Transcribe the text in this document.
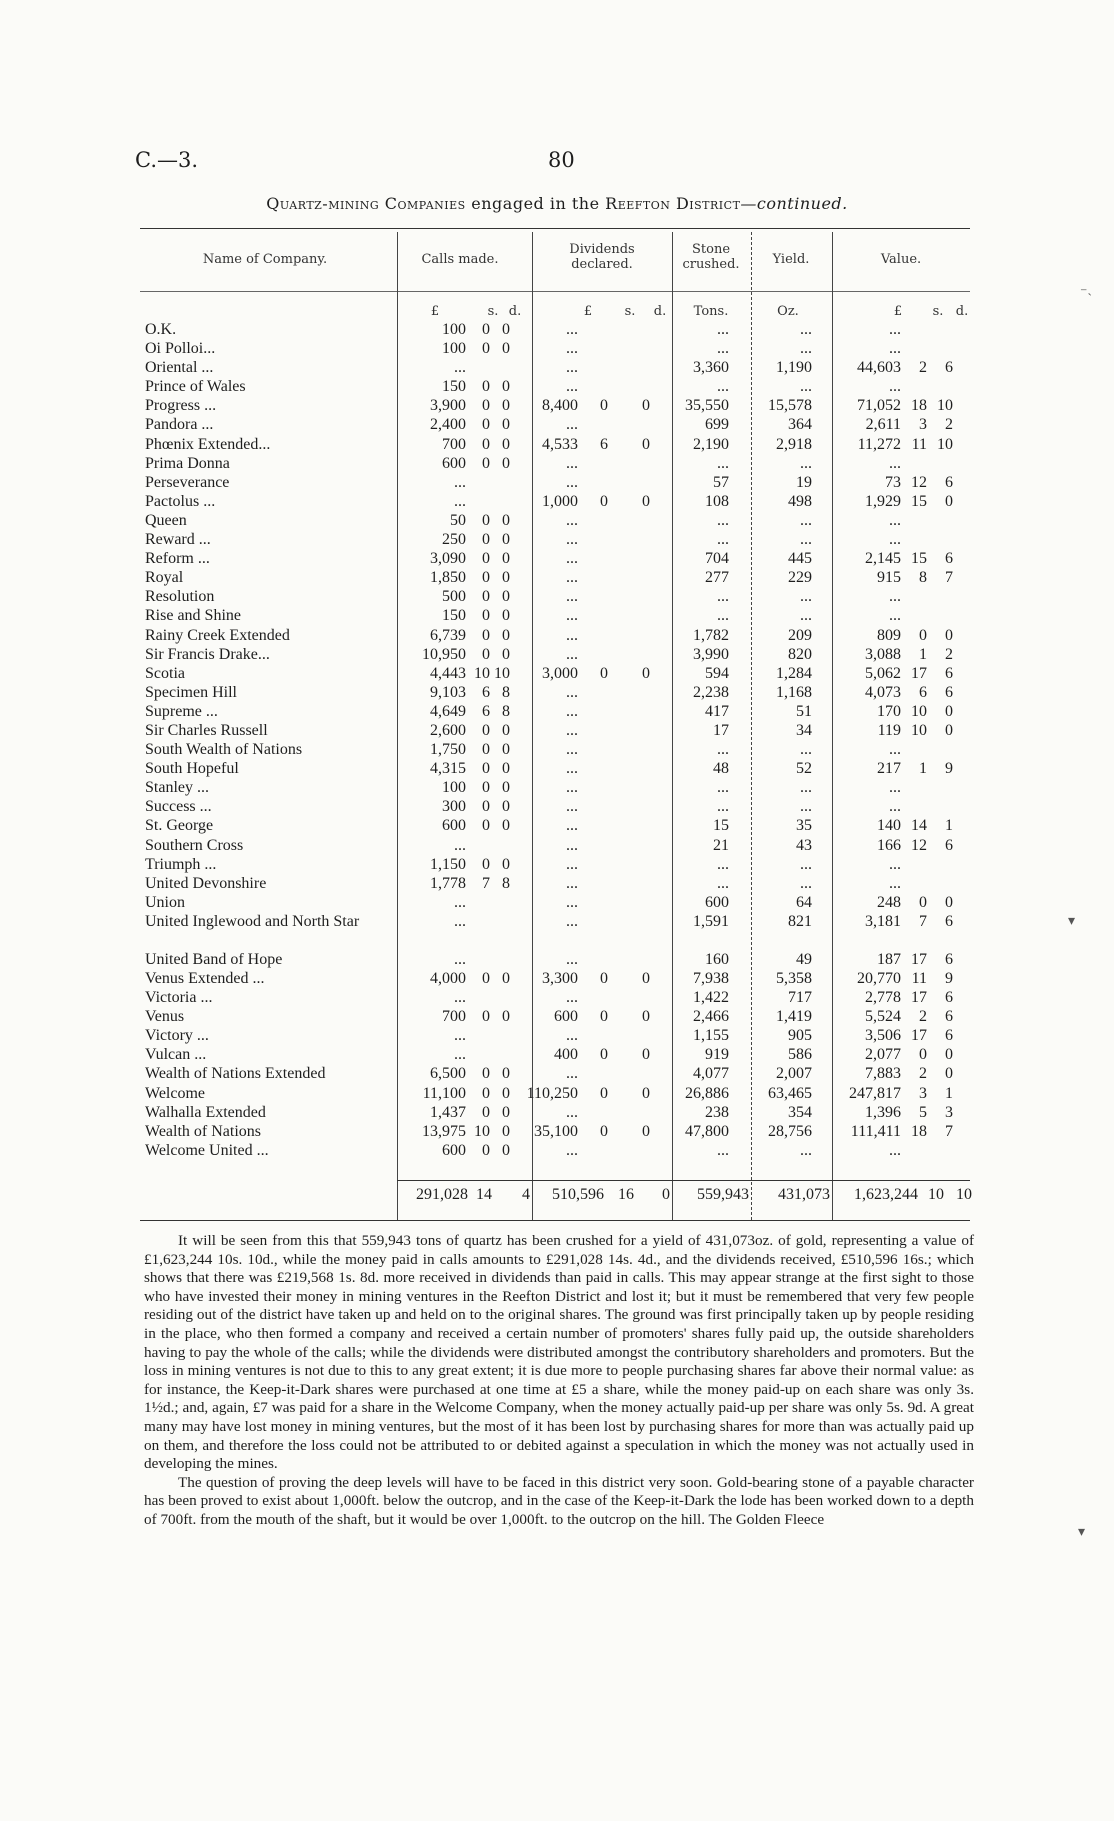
C.—3.	80
Quartz-mining Companies engaged in the Reefton District—continued.
Name of Company.	Calls made.
Dividends
declared.
Stone
crushed.	Yield.	Value.
£	s. d.	£	s.	d.	Tons.	Oz.	£	s. d.
O.K.	100	0	0	...			...	...	...		
Oi Polloi...	100	0	0	...			...	...	...		
Oriental ...	...			...			3,360	1,190	44,603	2	6
Prince of Wales	150	0	0	...			...	...	...		
Progress ...	3,900	0	0	8,400	0	0	35,550	15,578	71,052	18	10
Pandora ...	2,400	0	0	...			699	364	2,611	3	2
Phœnix Extended...	700	0	0	4,533	6	0	2,190	2,918	11,272	11	10
Prima Donna	600	0	0	...			...	...	...		
Perseverance	...			...			57	19	73	12	6
Pactolus ...	...			1,000	0	0	108	498	1,929	15	0
Queen	50	0	0	...			...	...	...		
Reward ...	250	0	0	...			...	...	...		
Reform ...	3,090	0	0	...			704	445	2,145	15	6
Royal	1,850	0	0	...			277	229	915	8	7
Resolution	500	0	0	...			...	...	...		
Rise and Shine	150	0	0	...			...	...	...		
Rainy Creek Extended	6,739	0	0	...			1,782	209	809	0	0
Sir Francis Drake...	10,950	0	0	...			3,990	820	3,088	1	2
Scotia	4,443	10	10	3,000	0	0	594	1,284	5,062	17	6
Specimen Hill	9,103	6	8	...			2,238	1,168	4,073	6	6
Supreme ...	4,649	6	8	...			417	51	170	10	0
Sir Charles Russell	2,600	0	0	...			17	34	119	10	0
South Wealth of Nations	1,750	0	0	...			...	...	...		
South Hopeful	4,315	0	0	...			48	52	217	1	9
Stanley ...	100	0	0	...			...	...	...		
Success ...	300	0	0	...			...	...	...		
St. George	600	0	0	...			15	35	140	14	1
Southern Cross	...			...			21	43	166	12	6
Triumph ...	1,150	0	0	...			...	...	...		
United Devonshire	1,778	7	8	...			...	...	...		
Union	...			...			600	64	248	0	0
United Inglewood and North Star	...			...			1,591	821	3,181	7	6
United Band of Hope	...			...			160	49	187	17	6
Venus Extended ...	4,000	0	0	3,300	0	0	7,938	5,358	20,770	11	9
Victoria ...	...			...			1,422	717	2,778	17	6
Venus	700	0	0	600	0	0	2,466	1,419	5,524	2	6
Victory ...	...			...			1,155	905	3,506	17	6
Vulcan ...	...			400	0	0	919	586	2,077	0	0
Wealth of Nations Extended	6,500	0	0	...			4,077	2,007	7,883	2	0
Welcome	11,100	0	0	110,250	0	0	26,886	63,465	247,817	3	1
Walhalla Extended	1,437	0	0	...			238	354	1,396	5	3
Wealth of Nations	13,975	10	0	35,100	0	0	47,800	28,756	111,411	18	7
Welcome United ...	600	0	0	...			...	...	...		
291,028 14	4	510,596 16	0	559,943	431,073	1,623,244 10 10

It will be seen from this that 559,943 tons of quartz has been crushed for a yield of 431,073oz. of gold, representing a value of £1,623,244 10s. 10d., while the money paid in calls amounts to £291,028 14s. 4d., and the dividends received, £510,596 16s.; which shows that there was £219,568 1s. 8d. more received in dividends than paid in calls. This may appear strange at the first sight to those who have invested their money in mining ventures in the Reefton District and lost it; but it must be remembered that very few people residing out of the district have taken up and held on to the original shares. The ground was first principally taken up by people residing in the place, who then formed a company and received a certain number of promoters' shares fully paid up, the outside shareholders having to pay the whole of the calls; while the dividends were distributed amongst the contributory shareholders and promoters. But the loss in mining ventures is not due to this to any great extent; it is due more to people purchasing shares far above their normal value: as for instance, the Keep-it-Dark shares were purchased at one time at £5 a share, while the money paid-up on each share was only 3s. 1½d.; and, again, £7 was paid for a share in the Welcome Company, when the money actually paid-up per share was only 5s. 9d. A great many may have lost money in mining ventures, but the most of it has been lost by purchasing shares for more than was actually paid up on them, and therefore the loss could not be attributed to or debited against a speculation in which the money was not actually used in developing the mines.

The question of proving the deep levels will have to be faced in this district very soon. Gold-bearing stone of a payable character has been proved to exist about 1,000ft. below the outcrop, and in the case of the Keep-it-Dark the lode has been worked down to a depth of 700ft. from the mouth of the shaft, but it would be over 1,000ft. to the outcrop on the hill. The Golden Fleece

⁻˴
▾
▾
